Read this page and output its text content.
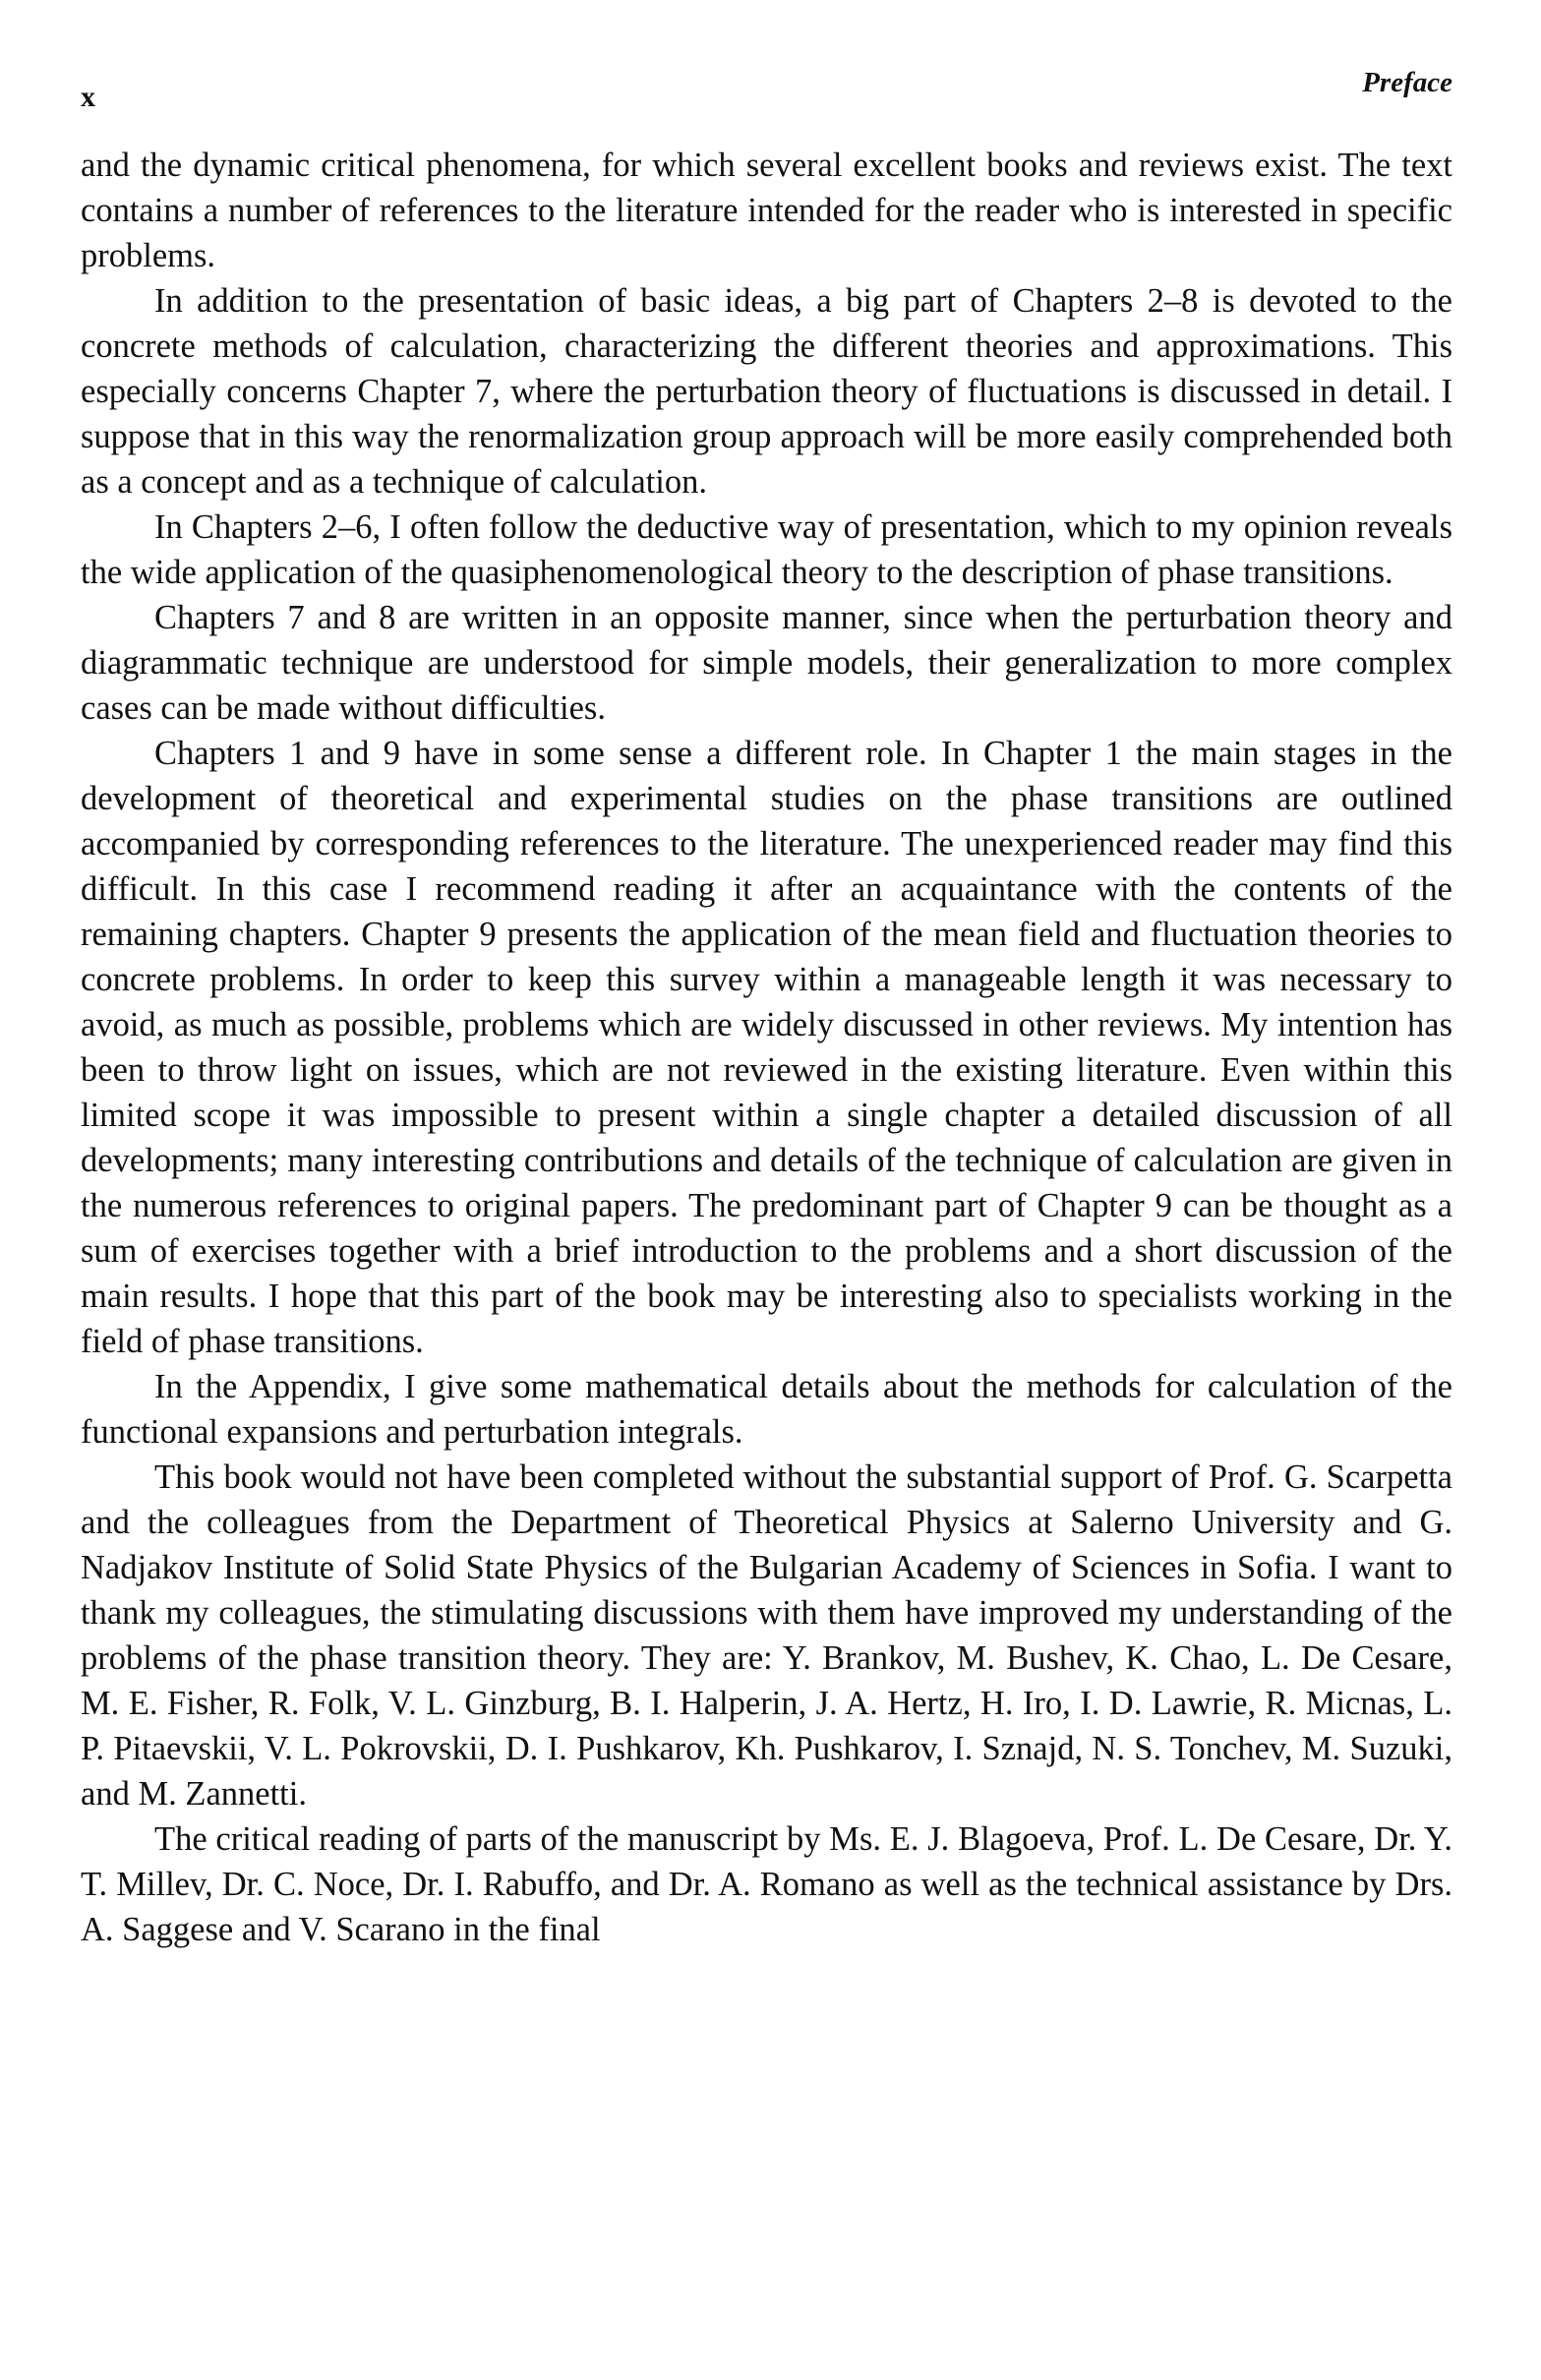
x	Preface

and the dynamic critical phenomena, for which several excellent books and reviews exist. The text contains a number of references to the literature intended for the reader who is interested in specific problems.

In addition to the presentation of basic ideas, a big part of Chapters 2–8 is devoted to the concrete methods of calculation, characterizing the different theories and approximations. This especially concerns Chapter 7, where the perturbation theory of fluctuations is discussed in detail. I suppose that in this way the renormalization group approach will be more easily comprehended both as a concept and as a technique of calculation.

In Chapters 2–6, I often follow the deductive way of presentation, which to my opinion reveals the wide application of the quasiphenomenological theory to the description of phase transitions.

Chapters 7 and 8 are written in an opposite manner, since when the perturbation theory and diagrammatic technique are understood for simple models, their generalization to more complex cases can be made without difficulties.

Chapters 1 and 9 have in some sense a different role. In Chapter 1 the main stages in the development of theoretical and experimental studies on the phase transitions are outlined accompanied by corresponding references to the literature. The unexperienced reader may find this difficult. In this case I recommend reading it after an acquaintance with the contents of the remaining chapters. Chapter 9 presents the application of the mean field and fluctuation theories to concrete problems. In order to keep this survey within a manageable length it was necessary to avoid, as much as possible, problems which are widely discussed in other reviews. My intention has been to throw light on issues, which are not reviewed in the existing literature. Even within this limited scope it was impossible to present within a single chapter a detailed discussion of all developments; many interesting contributions and details of the technique of calculation are given in the numerous references to original papers. The predominant part of Chapter 9 can be thought as a sum of exercises together with a brief introduction to the problems and a short discussion of the main results. I hope that this part of the book may be interesting also to specialists working in the field of phase transitions.

In the Appendix, I give some mathematical details about the methods for calculation of the functional expansions and perturbation integrals.

This book would not have been completed without the substantial support of Prof. G. Scarpetta and the colleagues from the Department of Theoretical Physics at Salerno University and G. Nadjakov Institute of Solid State Physics of the Bulgarian Academy of Sciences in Sofia. I want to thank my colleagues, the stimulating discussions with them have improved my understanding of the problems of the phase transition theory. They are: Y. Brankov, M. Bushev, K. Chao, L. De Cesare, M. E. Fisher, R. Folk, V. L. Ginzburg, B. I. Halperin, J. A. Hertz, H. Iro, I. D. Lawrie, R. Micnas, L. P. Pitaevskii, V. L. Pokrovskii, D. I. Pushkarov, Kh. Pushkarov, I. Sznajd, N. S. Tonchev, M. Suzuki, and M. Zannetti.

The critical reading of parts of the manuscript by Ms. E. J. Blagoeva, Prof. L. De Cesare, Dr. Y. T. Millev, Dr. C. Noce, Dr. I. Rabuffo, and Dr. A. Romano as well as the technical assistance by Drs. A. Saggese and V. Scarano in the final
